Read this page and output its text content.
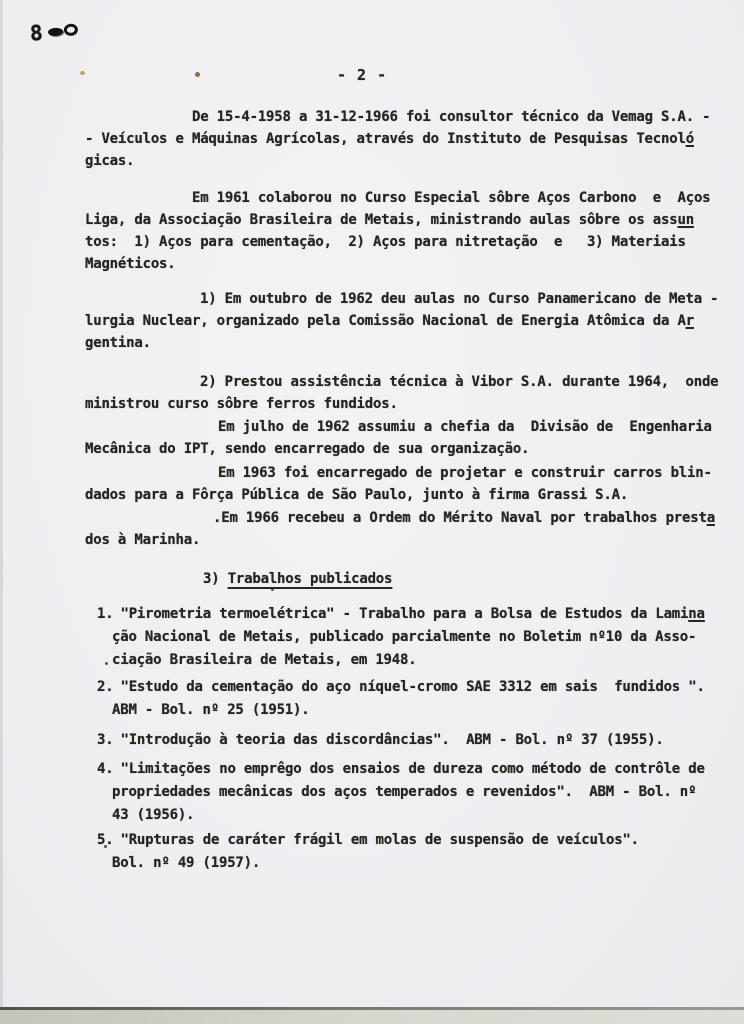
8
- 2 -
De 15-4-1958 a 31-12-1966 foi consultor técnico da Vemag S.A. -
- Veículos e Máquinas Agrícolas, através do Instituto de Pesquisas Tecnoló
gicas.
Em 1961 colaborou no Curso Especial sôbre Aços Carbono  e  Aços
Liga, da Associação Brasileira de Metais, ministrando aulas sôbre os assun
tos:  1) Aços para cementação,  2) Aços para nitretação  e   3) Materiais
Magnéticos.
1) Em outubro de 1962 deu aulas no Curso Panamericano de Meta -
lurgia Nuclear, organizado pela Comissão Nacional de Energia Atômica da Ar
gentina.
2) Prestou assistência técnica à Vibor S.A. durante 1964,  onde
ministrou curso sôbre ferros fundidos.
Em julho de 1962 assumiu a chefia da  Divisão de  Engenharia
Mecânica do IPT, sendo encarregado de sua organização.
Em 1963 foi encarregado de projetar e construir carros blin-
dados para a Fôrça Pública de São Paulo, junto à firma Grassi S.A.
.Em 1966 recebeu a Ordem do Mérito Naval por trabalhos presta
dos à Marinha.
3) Trabalhos publicados
1. "Pirometria termoelétrica" - Trabalho para a Bolsa de Estudos da Lamina
ção Nacional de Metais, publicado parcialmente no Boletim nº10 da Asso-
ciação Brasileira de Metais, em 1948.
2. "Estudo da cementação do aço níquel-cromo SAE 3312 em sais  fundidos ".
ABM - Bol. nº 25 (1951).
3. "Introdução à teoria das discordâncias".  ABM - Bol. nº 37 (1955).
4. "Limitações no emprêgo dos ensaios de dureza como método de contrôle de
propriedades mecânicas dos aços temperados e revenidos".  ABM - Bol. nº
43 (1956).
5. "Rupturas de caráter frágil em molas de suspensão de veículos".
Bol. nº 49 (1957).
